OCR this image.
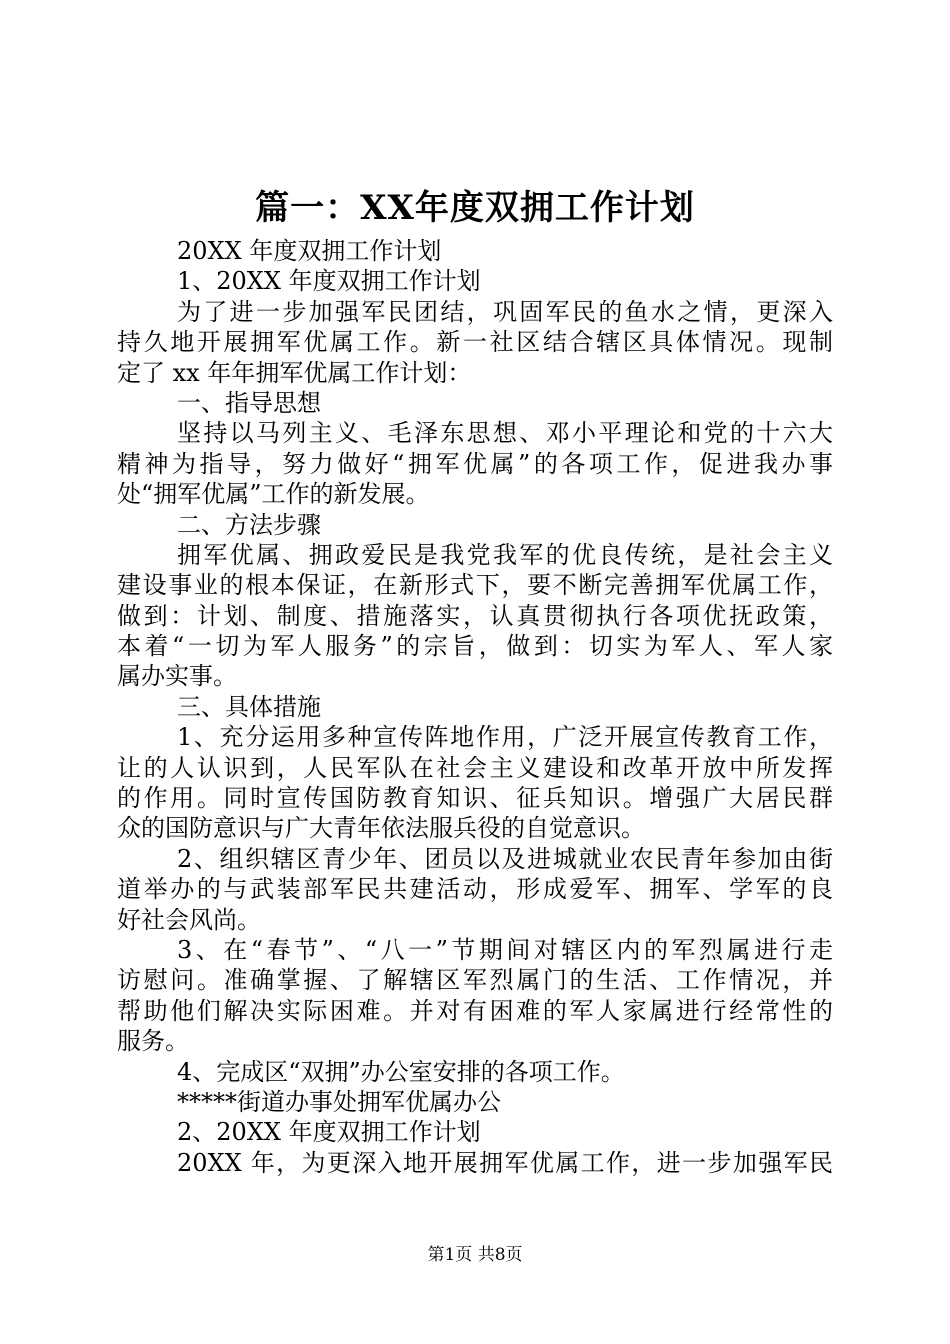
篇一：XX年度双拥工作计划
20XX 年度双拥工作计划
1、20XX 年度双拥工作计划
为了进一步加强军民团结，巩固军民的鱼水之情，更深入
持久地开展拥军优属工作。新一社区结合辖区具体情况。现制
定了 xx 年年拥军优属工作计划：
一、指导思想
坚持以马列主义、毛泽东思想、邓小平理论和党的十六大
精神为指导，努力做好“拥军优属”的各项工作，促进我办事
处“拥军优属”工作的新发展。
二、方法步骤
拥军优属、拥政爱民是我党我军的优良传统，是社会主义
建设事业的根本保证，在新形式下，要不断完善拥军优属工作，
做到：计划、制度、措施落实，认真贯彻执行各项优抚政策，
本着“一切为军人服务”的宗旨，做到：切实为军人、军人家
属办实事。
三、具体措施
1、充分运用多种宣传阵地作用，广泛开展宣传教育工作，
让的人认识到，人民军队在社会主义建设和改革开放中所发挥
的作用。同时宣传国防教育知识、征兵知识。增强广大居民群
众的国防意识与广大青年依法服兵役的自觉意识。
2、组织辖区青少年、团员以及进城就业农民青年参加由街
道举办的与武装部军民共建活动，形成爱军、拥军、学军的良
好社会风尚。
3、在“春节”、“八一”节期间对辖区内的军烈属进行走
访慰问。准确掌握、了解辖区军烈属门的生活、工作情况，并
帮助他们解决实际困难。并对有困难的军人家属进行经常性的
服务。
4、完成区“双拥”办公室安排的各项工作。
*****街道办事处拥军优属办公
2、20XX 年度双拥工作计划
20XX 年，为更深入地开展拥军优属工作，进一步加强军民
第1页 共8页
